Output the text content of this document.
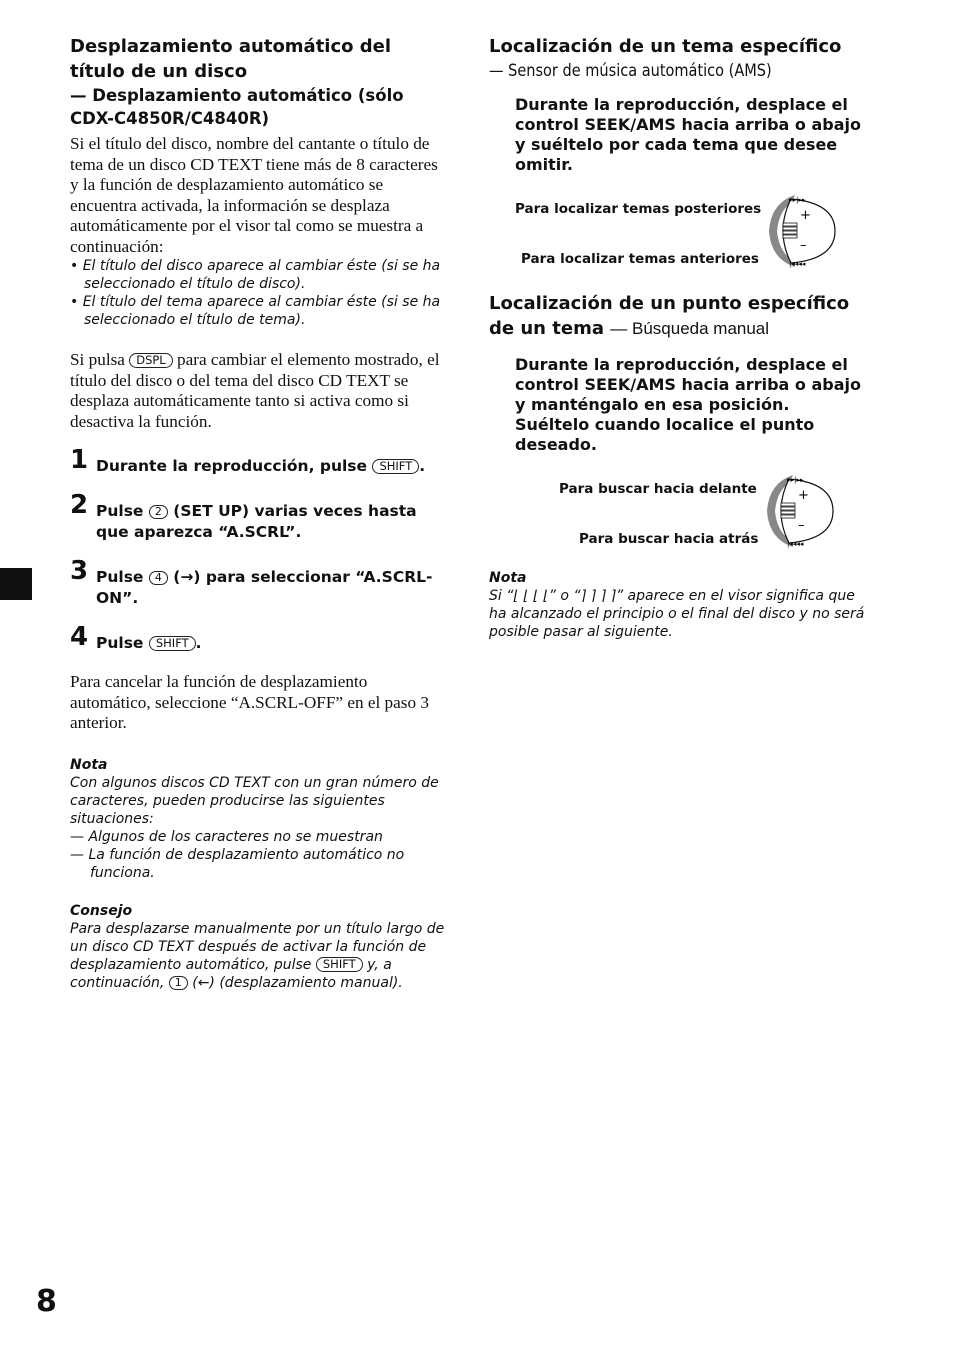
Desplazamiento automático del título de un disco
— Desplazamiento automático (sólo CDX-C4850R/C4840R)

Si el título del disco, nombre del cantante o título de tema de un disco CD TEXT tiene más de 8 caracteres y la función de desplazamiento automático se encuentra activada, la información se desplaza automáticamente por el visor tal como se muestra a continuación:

• El título del disco aparece al cambiar éste (si se ha seleccionado el título de disco).
• El título del tema aparece al cambiar éste (si se ha seleccionado el título de tema).

Si pulsa DSPL para cambiar el elemento mostrado, el título del disco o del tema del disco CD TEXT se desplaza automáticamente tanto si activa como si desactiva la función.

1 Durante la reproducción, pulse SHIFT .
2 Pulse 2 (SET UP) varias veces hasta que aparezca “A.SCRL”.
3 Pulse 4 (→) para seleccionar “A.SCRL-ON”.
4 Pulse SHIFT .

Para cancelar la función de desplazamiento automático, seleccione “A.SCRL-OFF” en el paso 3 anterior.

Nota

Con algunos discos CD TEXT con un gran número de caracteres, pueden producirse las siguientes situaciones:

— Algunos de los caracteres no se muestran

— La función de desplazamiento automático no funciona.

Consejo

Para desplazarse manualmente por un título largo de un disco CD TEXT después de activar la función de desplazamiento automático, pulse SHIFT y, a continuación, 1 (←) (desplazamiento manual).

Localización de un tema específico
— Sensor de música automático (AMS)

Durante la reproducción, desplace el control SEEK/AMS hacia arriba o abajo y suéltelo por cada tema que desee omitir.

Para localizar temas posteriores
Para localizar temas anteriores
+
–
▸▸|▸▸
|◂◂◂◂
Localización de un punto específico de un tema — Búsqueda manual

Durante la reproducción, desplace el control SEEK/AMS hacia arriba o abajo y manténgalo en esa posición. Suéltelo cuando localice el punto deseado.

Para buscar hacia delante
Para buscar hacia atrás
+
–
▸▸|▸▸
|◂◂◂◂
Nota

Si “⌊ ⌊ ⌊ ⌊” o “⌉ ⌉ ⌉ ⌉” aparece en el visor significa que ha alcanzado el principio o el final del disco y no será posible pasar al siguiente.

8
